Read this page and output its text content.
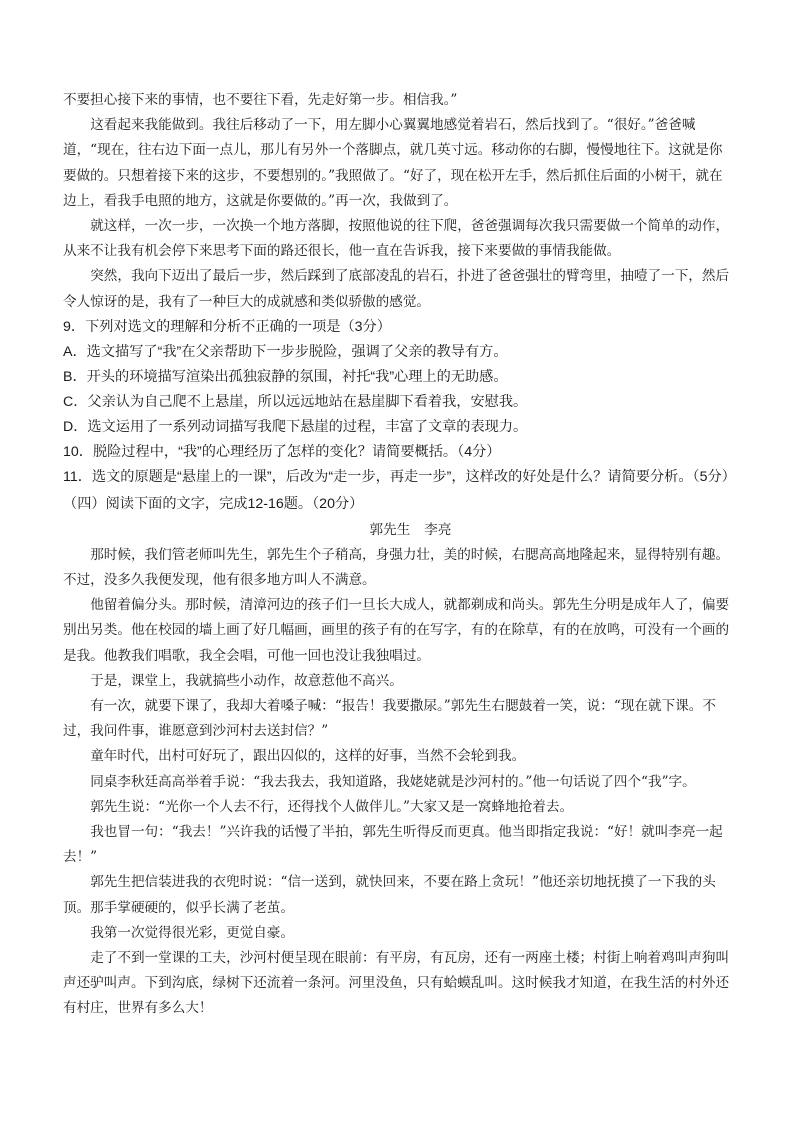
不要担心接下来的事情，也不要往下看，先走好第一步。相信我。”

这看起来我能做到。我往后移动了一下，用左脚小心翼翼地感觉着岩石，然后找到了。“很好。”爸爸喊道，“现在，往右边下面一点儿，那儿有另外一个落脚点，就几英寸远。移动你的右脚，慢慢地往下。这就是你要做的。只想着接下来的这步，不要想别的。”我照做了。“好了，现在松开左手，然后抓住后面的小树干，就在边上，看我手电照的地方，这就是你要做的。”再一次，我做到了。

就这样，一次一步，一次换一个地方落脚，按照他说的往下爬，爸爸强调每次我只需要做一个简单的动作，从来不让我有机会停下来思考下面的路还很长，他一直在告诉我，接下来要做的事情我能做。

突然，我向下迈出了最后一步，然后踩到了底部凌乱的岩石，扑进了爸爸强壮的臂弯里，抽噎了一下，然后令人惊讶的是，我有了一种巨大的成就感和类似骄傲的感觉。

9．下列对选文的理解和分析不正确的一项是（3分）

A．选文描写了“我”在父亲帮助下一步步脱险，强调了父亲的教导有方。

B．开头的环境描写渲染出孤独寂静的氛围，衬托“我”心理上的无助感。

C．父亲认为自己爬不上悬崖，所以远远地站在悬崖脚下看着我，安慰我。

D．选文运用了一系列动词描写我爬下悬崖的过程，丰富了文章的表现力。

10．脱险过程中，“我”的心理经历了怎样的变化？请简要概括。（4分）

11．选文的原题是“悬崖上的一课”，后改为“走一步，再走一步”，这样改的好处是什么？请简要分析。（5分）

（四）阅读下面的文字，完成12-16题。（20分）

郭先生 李亮

那时候，我们管老师叫先生，郭先生个子稍高，身强力壮，美的时候，右腮高高地隆起来，显得特别有趣。不过，没多久我便发现，他有很多地方叫人不满意。

他留着偏分头。那时候，清漳河边的孩子们一旦长大成人，就都剃成和尚头。郭先生分明是成年人了，偏要别出另类。他在校园的墙上画了好几幅画，画里的孩子有的在写字，有的在除草，有的在放鸣，可没有一个画的是我。他教我们唱歌，我全会唱，可他一回也没让我独唱过。

于是，课堂上，我就搞些小动作，故意惹他不高兴。

有一次，就要下课了，我却大着嗓子喊：“报告！我要撒尿。”郭先生右腮鼓着一笑，说：“现在就下课。不过，我问件事，谁愿意到沙河村去送封信？”

童年时代，出村可好玩了，跟出囚似的，这样的好事，当然不会轮到我。

同桌李秋廷高高举着手说：“我去我去，我知道路，我姥姥就是沙河村的。”他一句话说了四个“我”字。

郭先生说：“光你一个人去不行，还得找个人做伴儿。”大家又是一窝蜂地抢着去。

我也冒一句：“我去！”兴许我的话慢了半拍，郭先生听得反而更真。他当即指定我说：“好！就叫李亮一起去！”

郭先生把信装进我的衣兜时说：“信一送到，就快回来，不要在路上贪玩！”他还亲切地抚摸了一下我的头顶。那手掌硬硬的，似乎长满了老茧。

我第一次觉得很光彩，更觉自豪。

走了不到一堂课的工夫，沙河村便呈现在眼前：有平房，有瓦房，还有一两座土楼；村街上响着鸡叫声狗叫声还驴叫声。下到沟底，绿树下还流着一条河。河里没鱼，只有蛤蟆乱叫。这时候我才知道，在我生活的村外还有村庄，世界有多么大！
